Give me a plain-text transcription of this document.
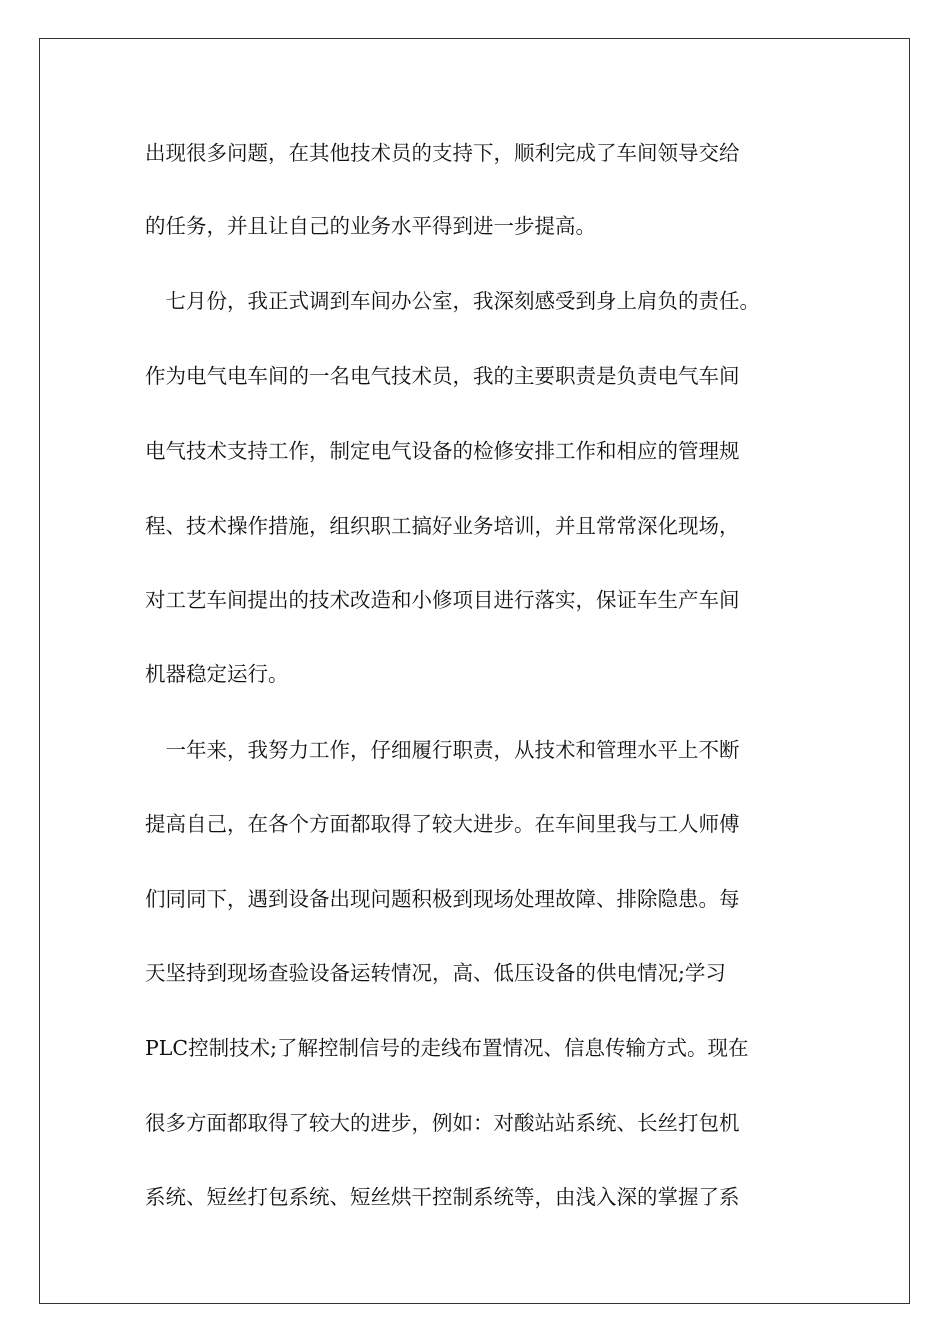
出现很多问题，在其他技术员的支持下，顺利完成了车间领导交给

的任务，并且让自己的业务水平得到进一步提高。

　七月份，我正式调到车间办公室，我深刻感受到身上肩负的责任。

作为电气电车间的一名电气技术员，我的主要职责是负责电气车间

电气技术支持工作，制定电气设备的检修安排工作和相应的管理规

程、技术操作措施，组织职工搞好业务培训，并且常常深化现场，

对工艺车间提出的技术改造和小修项目进行落实，保证车生产车间

机器稳定运行。

　一年来，我努力工作，仔细履行职责，从技术和管理水平上不断

提高自己，在各个方面都取得了较大进步。在车间里我与工人师傅

们同同下，遇到设备出现问题积极到现场处理故障、排除隐患。每

天坚持到现场查验设备运转情况，高、低压设备的供电情况;学习

PLC控制技术;了解控制信号的走线布置情况、信息传输方式。现在

很多方面都取得了较大的进步，例如：对酸站站系统、长丝打包机

系统、短丝打包系统、短丝烘干控制系统等，由浅入深的掌握了系
